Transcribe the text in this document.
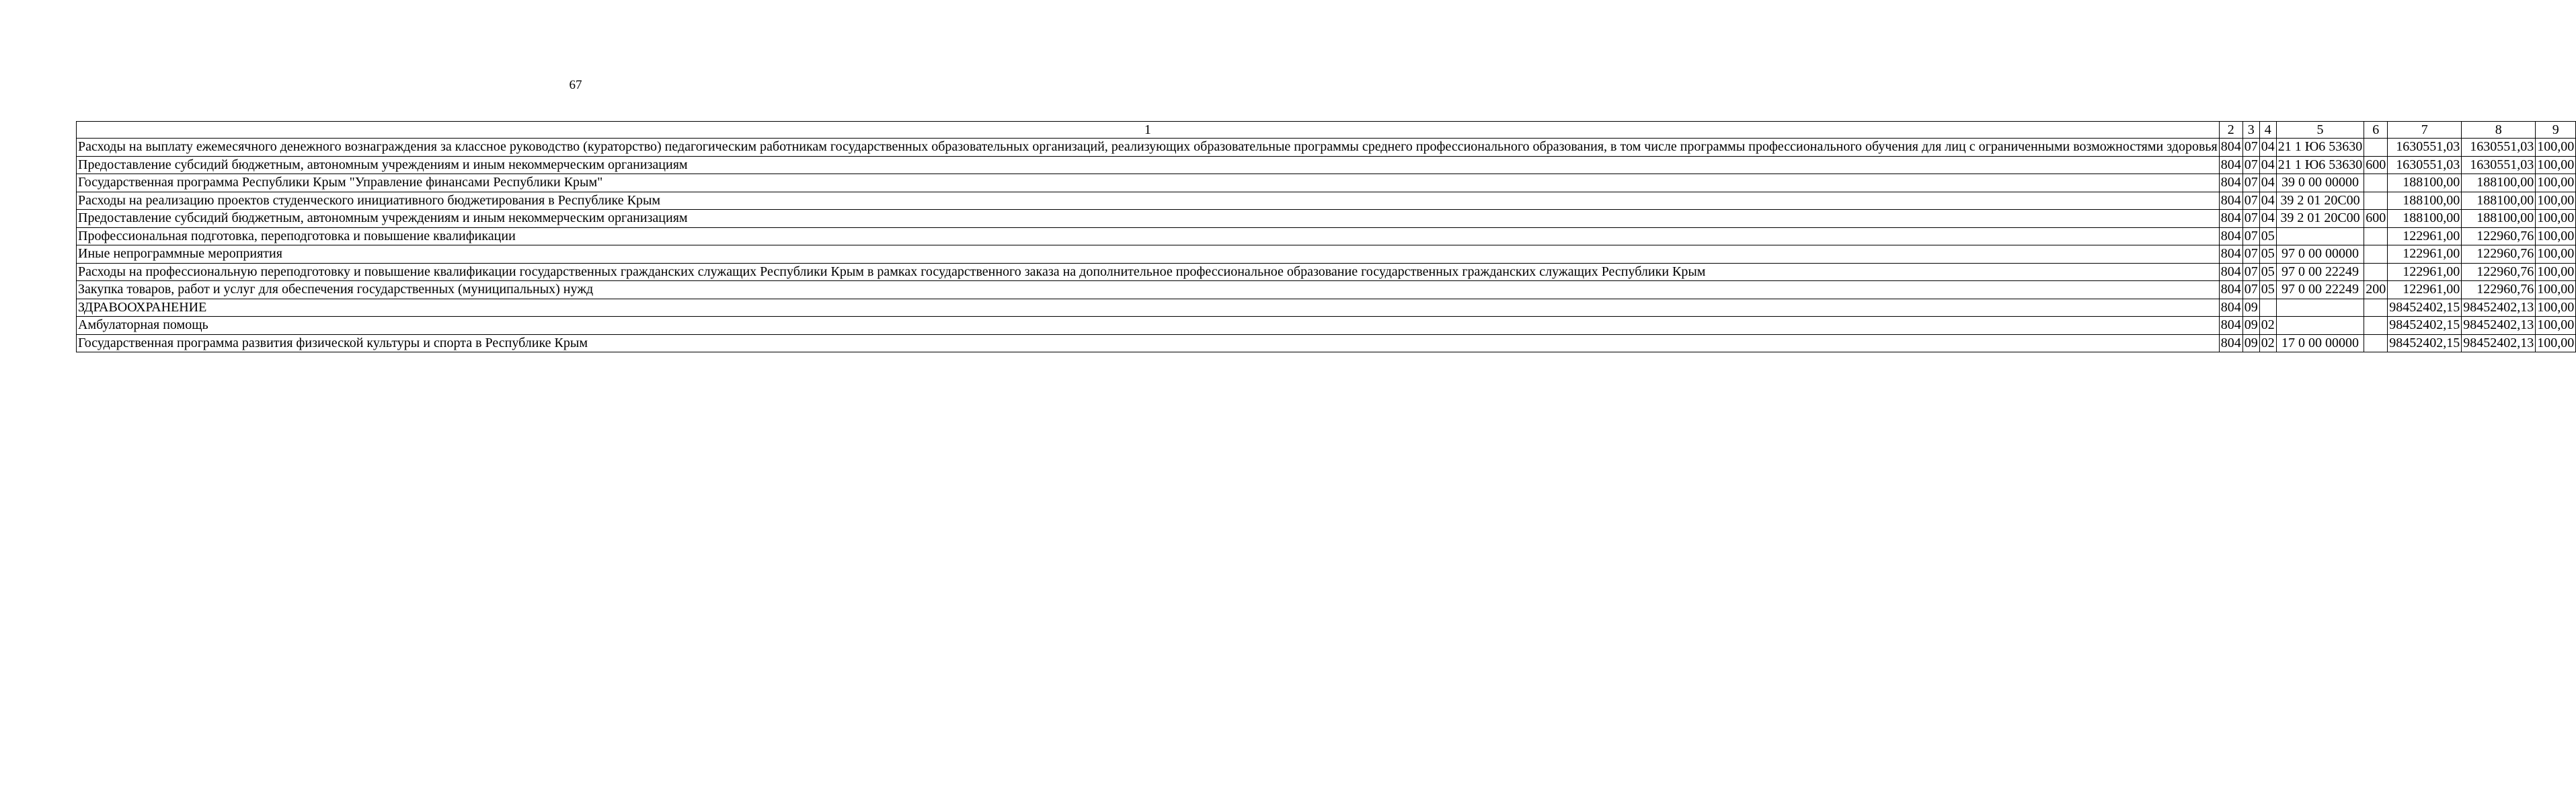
67
1	2	3	4	5	6	7	8	9
Расходы на выплату ежемесячного денежного вознаграждения за классное руководство (кураторство) педагогическим работникам государственных образовательных организаций, реализующих образовательные программы среднего профессионального образования, в том числе программы профессионального обучения для лиц с ограниченными возможностями здоровья	804	07	04	21 1 Ю6 53630		1630551,03	1630551,03	100,00
Предоставление субсидий бюджетным, автономным учреждениям и иным некоммерческим организациям	804	07	04	21 1 Ю6 53630	600	1630551,03	1630551,03	100,00
Государственная программа Республики Крым "Управление финансами Республики Крым"	804	07	04	39 0 00 00000		188100,00	188100,00	100,00
Расходы на реализацию проектов студенческого инициативного бюджетирования в Республике Крым	804	07	04	39 2 01 20С00		188100,00	188100,00	100,00
Предоставление субсидий бюджетным, автономным учреждениям и иным некоммерческим организациям	804	07	04	39 2 01 20С00	600	188100,00	188100,00	100,00
Профессиональная подготовка, переподготовка и повышение квалификации	804	07	05			122961,00	122960,76	100,00
Иные непрограммные мероприятия	804	07	05	97 0 00 00000		122961,00	122960,76	100,00
Расходы на профессиональную переподготовку и повышение квалификации государственных гражданских служащих Республики Крым в рамках государственного заказа на дополнительное профессиональное образование государственных гражданских служащих Республики Крым	804	07	05	97 0 00 22249		122961,00	122960,76	100,00
Закупка товаров, работ и услуг для обеспечения государственных (муниципальных) нужд	804	07	05	97 0 00 22249	200	122961,00	122960,76	100,00
ЗДРАВООХРАНЕНИЕ	804	09				98452402,15	98452402,13	100,00
Амбулаторная помощь	804	09	02			98452402,15	98452402,13	100,00
Государственная программа развития физической культуры и спорта в Республике Крым	804	09	02	17 0 00 00000		98452402,15	98452402,13	100,00
